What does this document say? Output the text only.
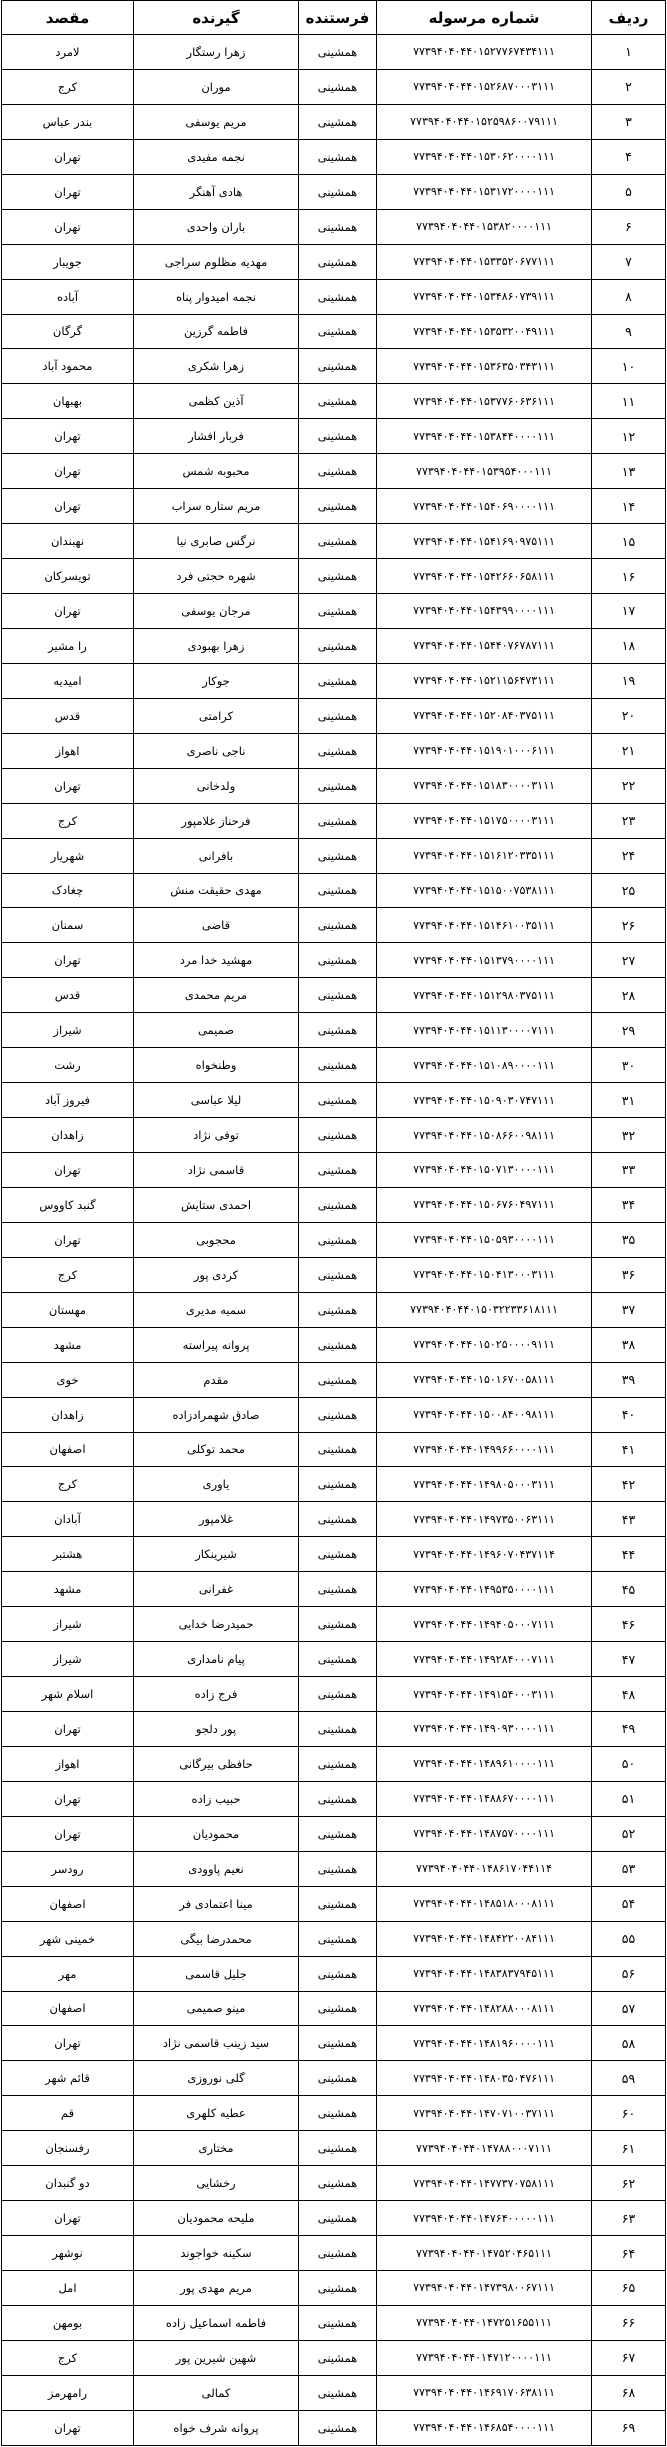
ردیف	شماره مرسوله	فرستنده	گیرنده	مقصد
۱	۷۷۳۹۴۰۴۰۴۴۰۱۵۲۷۷۶۷۴۳۴۱۱۱	همشینی	زهرا رستگار	لامرد
۲	۷۷۳۹۴۰۴۰۴۴۰۱۵۲۶۸۷۰۰۰۳۱۱۱	همشینی	موران	کرج
۳	۷۷۳۹۴۰۴۰۴۴۰۱۵۲۵۹۸۶۰۰۷۹۱۱۱	همشینی	مریم یوسفی	بندر عباس
۴	۷۷۳۹۴۰۴۰۴۴۰۱۵۳۰۶۲۰۰۰۰۱۱۱	همشینی	نجمه مفیدی	تهران
۵	۷۷۳۹۴۰۴۰۴۴۰۱۵۳۱۷۲۰۰۰۰۱۱۱	همشینی	هادی آهنگر	تهران
۶	۷۷۳۹۴۰۴۰۴۴۰۱۵۳۸۲۰۰۰۰۱۱۱	همشینی	باران واحدی	تهران
۷	۷۷۳۹۴۰۴۰۴۴۰۱۵۳۳۵۲۰۶۷۷۱۱۱	همشینی	مهدیه مظلوم سراجی	جویبار
۸	۷۷۳۹۴۰۴۰۴۴۰۱۵۳۴۸۶۰۷۳۹۱۱۱	همشینی	نجمه امیدوار پناه	آباده
۹	۷۷۳۹۴۰۴۰۴۴۰۱۵۳۵۳۲۰۰۴۹۱۱۱	همشینی	فاطمه گرزین	گرگان
۱۰	۷۷۳۹۴۰۴۰۴۴۰۱۵۳۶۳۵۰۳۴۳۱۱۱	همشینی	زهرا شکری	محمود آباد
۱۱	۷۷۳۹۴۰۴۰۴۴۰۱۵۳۷۷۶۰۶۳۶۱۱۱	همشینی	آذین کظمی	بهبهان
۱۲	۷۷۳۹۴۰۴۰۴۴۰۱۵۳۸۴۴۰۰۰۰۱۱۱	همشینی	فربار افشار	تهران
۱۳	۷۷۳۹۴۰۴۰۴۴۰۱۵۳۹۵۴۰۰۰۱۱۱	همشینی	محبوبه شمس	تهران
۱۴	۷۷۳۹۴۰۴۰۴۴۰۱۵۴۰۶۹۰۰۰۰۱۱۱	همشینی	مریم ستاره سراب	تهران
۱۵	۷۷۳۹۴۰۴۰۴۴۰۱۵۴۱۶۹۰۹۷۵۱۱۱	همشینی	نرگس صابری نیا	نهبندان
۱۶	۷۷۳۹۴۰۴۰۴۴۰۱۵۴۲۶۶۰۶۵۸۱۱۱	همشینی	شهره حجتی فرد	تویسرکان
۱۷	۷۷۳۹۴۰۴۰۴۴۰۱۵۴۳۹۹۰۰۰۰۱۱۱	همشینی	مرجان یوسفی	تهران
۱۸	۷۷۳۹۴۰۴۰۴۴۰۱۵۴۴۰۷۶۷۸۷۱۱۱	همشینی	زهرا بهبودی	را مشیر
۱۹	۷۷۳۹۴۰۴۰۴۴۰۱۵۲۱۱۵۶۴۷۳۱۱۱	همشینی	جوکار	امیدیه
۲۰	۷۷۳۹۴۰۴۰۴۴۰۱۵۲۰۸۴۰۳۷۵۱۱۱	همشینی	کرامتی	قدس
۲۱	۷۷۳۹۴۰۴۰۴۴۰۱۵۱۹۰۱۰۰۰۶۱۱۱	همشینی	ناجی ناصری	اهواز
۲۲	۷۷۳۹۴۰۴۰۴۴۰۱۵۱۸۳۰۰۰۰۳۱۱۱	همشینی	ولدخانی	تهران
۲۳	۷۷۳۹۴۰۴۰۴۴۰۱۵۱۷۵۰۰۰۰۳۱۱۱	همشینی	فرحناز غلامپور	کرج
۲۴	۷۷۳۹۴۰۴۰۴۴۰۱۵۱۶۱۲۰۳۳۵۱۱۱	همشینی	بافرانی	شهریار
۲۵	۷۷۳۹۴۰۴۰۴۴۰۱۵۱۵۰۰۷۵۳۸۱۱۱	همشینی	مهدی حقیقت منش	چغادک
۲۶	۷۷۳۹۴۰۴۰۴۴۰۱۵۱۴۶۱۰۰۳۵۱۱۱	همشینی	قاضی	سمنان
۲۷	۷۷۳۹۴۰۴۰۴۴۰۱۵۱۳۷۹۰۰۰۰۱۱۱	همشینی	مهشید خدا مرد	تهران
۲۸	۷۷۳۹۴۰۴۰۴۴۰۱۵۱۲۹۸۰۳۷۵۱۱۱	همشینی	مریم محمدی	قدس
۲۹	۷۷۳۹۴۰۴۰۴۴۰۱۵۱۱۳۰۰۰۰۷۱۱۱	همشینی	صمیمی	شیراز
۳۰	۷۷۳۹۴۰۴۰۴۴۰۱۵۱۰۸۹۰۰۰۰۱۱۱	همشینی	وطنخواه	رشت
۳۱	۷۷۳۹۴۰۴۰۴۴۰۱۵۰۹۰۳۰۷۴۷۱۱۱	همشینی	لیلا عباسی	فیروز آباد
۳۲	۷۷۳۹۴۰۴۰۴۴۰۱۵۰۸۶۶۰۰۹۸۱۱۱	همشینی	توفی نژاد	زاهدان
۳۳	۷۷۳۹۴۰۴۰۴۴۰۱۵۰۷۱۳۰۰۰۰۱۱۱	همشینی	قاسمی نژاد	تهران
۳۴	۷۷۳۹۴۰۴۰۴۴۰۱۵۰۶۷۶۰۴۹۷۱۱۱	همشینی	احمدی ستایش	گنبد کاووس
۳۵	۷۷۳۹۴۰۴۰۴۴۰۱۵۰۵۹۳۰۰۰۰۱۱۱	همشینی	محجوبی	تهران
۳۶	۷۷۳۹۴۰۴۰۴۴۰۱۵۰۴۱۳۰۰۰۳۱۱۱	همشینی	کردی پور	کرج
۳۷	۷۷۳۹۴۰۴۰۴۴۰۱۵۰۳۲۲۳۳۶۱۸۱۱۱	همشینی	سمیه مدیری	مهستان
۳۸	۷۷۳۹۴۰۴۰۴۴۰۱۵۰۲۵۰۰۰۰۹۱۱۱	همشینی	پروانه پیراسته	مشهد
۳۹	۷۷۳۹۴۰۴۰۴۴۰۱۵۰۱۶۷۰۰۵۸۱۱۱	همشینی	مقدم	خوی
۴۰	۷۷۳۹۴۰۴۰۴۴۰۱۵۰۰۸۴۰۰۹۸۱۱۱	همشینی	صادق شهمرادزاده	زاهدان
۴۱	۷۷۳۹۴۰۴۰۴۴۰۱۴۹۹۶۶۰۰۰۰۱۱۱	همشینی	محمد توکلی	اصفهان
۴۲	۷۷۳۹۴۰۴۰۴۴۰۱۴۹۸۰۵۰۰۰۳۱۱۱	همشینی	یاوری	کرج
۴۳	۷۷۳۹۴۰۴۰۴۴۰۱۴۹۷۳۵۰۰۶۳۱۱۱	همشینی	غلامپور	آبادان
۴۴	۷۷۳۹۴۰۴۰۴۴۰۱۴۹۶۰۷۰۴۳۷۱۱۴	همشینی	شیرینکار	هشتبر
۴۵	۷۷۳۹۴۰۴۰۴۴۰۱۴۹۵۳۵۰۰۰۰۱۱۱	همشینی	غفرانی	مشهد
۴۶	۷۷۳۹۴۰۴۰۴۴۰۱۴۹۴۰۵۰۰۰۷۱۱۱	همشینی	حمیدرضا خدایی	شیراز
۴۷	۷۷۳۹۴۰۴۰۴۴۰۱۴۹۲۸۴۰۰۰۷۱۱۱	همشینی	پیام نامداری	شیراز
۴۸	۷۷۳۹۴۰۴۰۴۴۰۱۴۹۱۵۴۰۰۰۳۱۱۱	همشینی	فرج زاده	اسلام شهر
۴۹	۷۷۳۹۴۰۴۰۴۴۰۱۴۹۰۹۳۰۰۰۰۱۱۱	همشینی	پور دلجو	تهران
۵۰	۷۷۳۹۴۰۴۰۴۴۰۱۴۸۹۶۱۰۰۰۰۱۱۱	همشینی	حافظی بیرگانی	اهواز
۵۱	۷۷۳۹۴۰۴۰۴۴۰۱۴۸۸۶۷۰۰۰۰۱۱۱	همشینی	حبیب زاده	تهران
۵۲	۷۷۳۹۴۰۴۰۴۴۰۱۴۸۷۵۷۰۰۰۰۱۱۱	همشینی	محمودیان	تهران
۵۳	۷۷۳۹۴۰۴۰۴۴۰۱۴۸۶۱۷۰۴۴۱۱۴	همشینی	نعیم پاوودی	رودسر
۵۴	۷۷۳۹۴۰۴۰۴۴۰۱۴۸۵۱۸۰۰۰۸۱۱۱	همشینی	مینا اعتمادی فر	اصفهان
۵۵	۷۷۳۹۴۰۴۰۴۴۰۱۴۸۴۲۲۰۰۸۴۱۱۱	همشینی	محمدرضا بیگی	خمینی شهر
۵۶	۷۷۳۹۴۰۴۰۴۴۰۱۴۸۳۸۳۷۹۴۵۱۱۱	همشینی	جلیل قاسمی	مهر
۵۷	۷۷۳۹۴۰۴۰۴۴۰۱۴۸۲۸۸۰۰۰۸۱۱۱	همشینی	مینو صمیمی	اصفهان
۵۸	۷۷۳۹۴۰۴۰۴۴۰۱۴۸۱۹۶۰۰۰۰۱۱۱	همشینی	سید زینب قاسمی نژاد	تهران
۵۹	۷۷۳۹۴۰۴۰۴۴۰۱۴۸۰۳۵۰۴۷۶۱۱۱	همشینی	گلی نوروزی	قائم شهر
۶۰	۷۷۳۹۴۰۴۰۴۴۰۱۴۷۰۷۱۰۰۳۷۱۱۱	همشینی	عطیه کلهری	قم
۶۱	۷۷۳۹۴۰۴۰۴۴۰۱۴۷۸۸۰۰۰۷۱۱۱	همشینی	مختاری	رفسنجان
۶۲	۷۷۳۹۴۰۴۰۴۴۰۱۴۷۷۳۷۰۷۵۸۱۱۱	همشینی	رخشایی	دو گنبدان
۶۳	۷۷۳۹۴۰۴۰۴۴۰۱۴۷۶۴۰۰۰۰۰۱۱۱	همشینی	ملیحه محمودیان	تهران
۶۴	۷۷۳۹۴۰۴۰۴۴۰۱۴۷۵۲۰۴۶۵۱۱۱	همشینی	سکینه خواجوند	نوشهر
۶۵	۷۷۳۹۴۰۴۰۴۴۰۱۴۷۳۹۸۰۰۶۷۱۱۱	همشینی	مریم مهدی پور	امل
۶۶	۷۷۳۹۴۰۴۰۴۴۰۱۴۷۲۵۱۶۵۵۱۱۱	همشینی	فاطمه اسماعیل زاده	بومهن
۶۷	۷۷۳۹۴۰۴۰۴۴۰۱۴۷۱۲۰۰۰۰۱۱۱	همشینی	شهین شیرین پور	کرج
۶۸	۷۷۳۹۴۰۴۰۴۴۰۱۴۶۹۱۷۰۶۳۸۱۱۱	همشینی	کمالی	رامهرمز
۶۹	۷۷۳۹۴۰۴۰۴۴۰۱۴۶۸۵۴۰۰۰۰۱۱۱	همشینی	پروانه شرف خواه	تهران
